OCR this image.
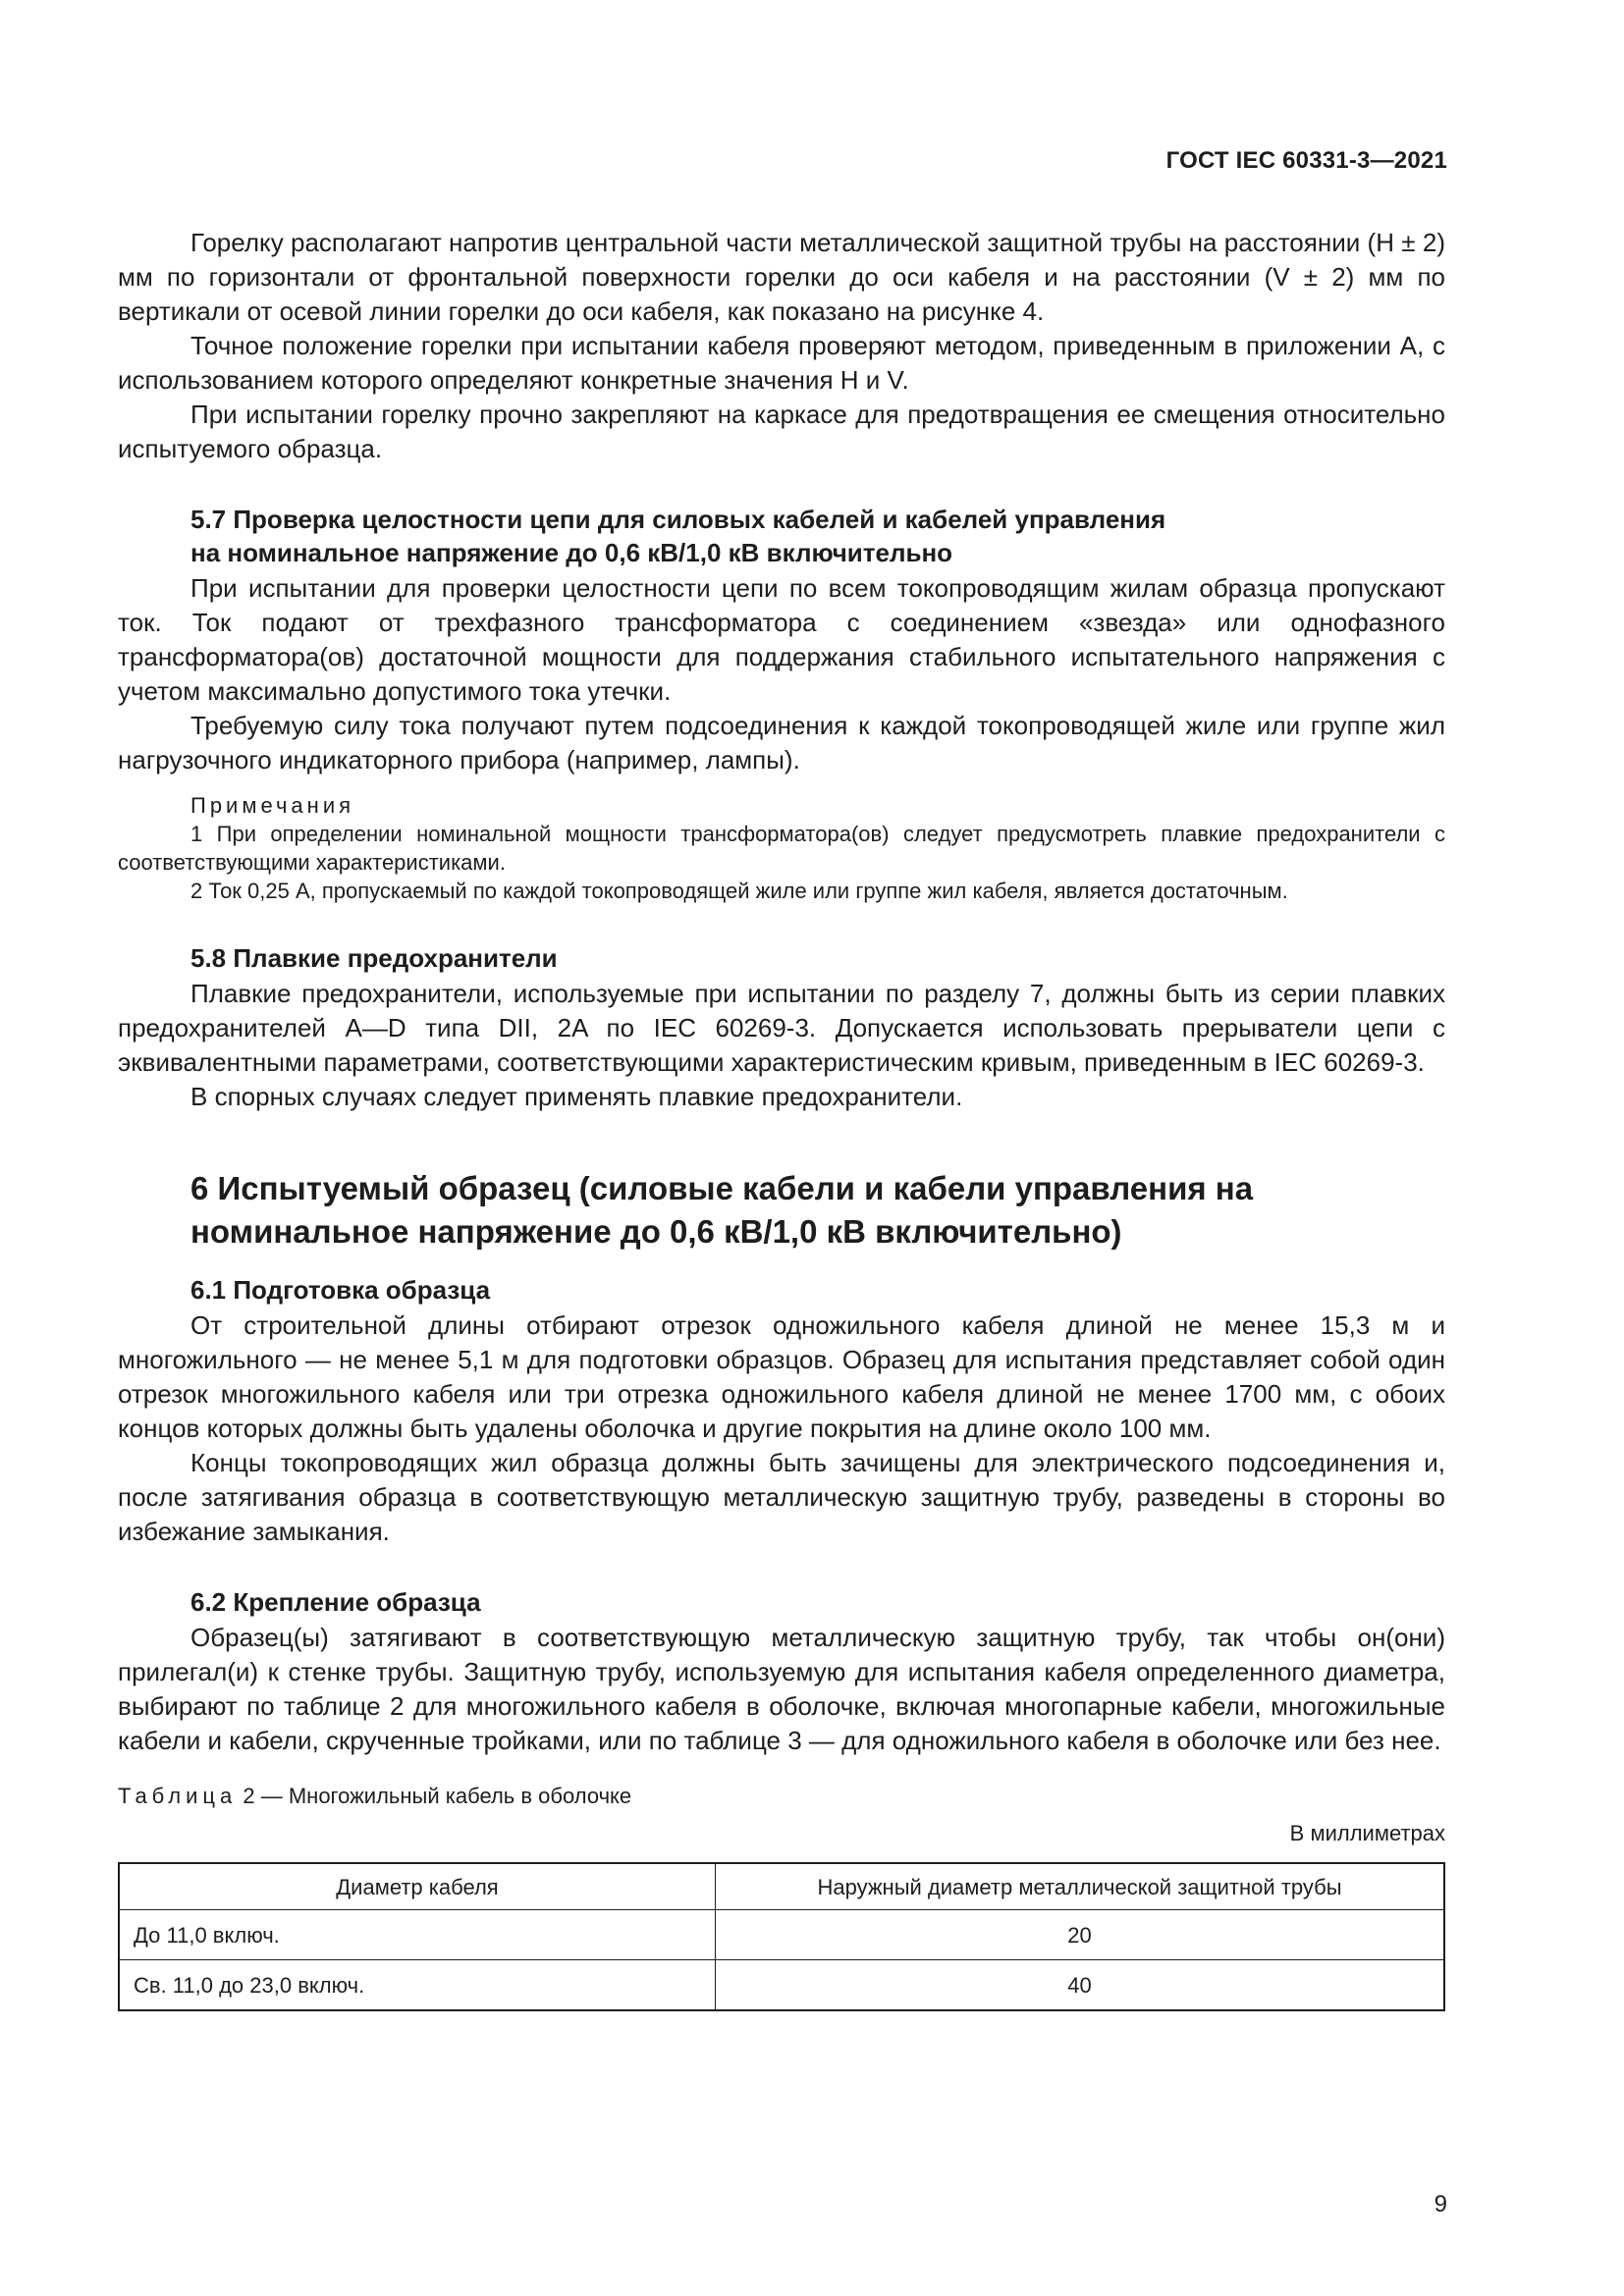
ГОСТ IEC 60331-3—2021

Горелку располагают напротив центральной части металлической защитной трубы на расстоянии (H ± 2) мм по горизонтали от фронтальной поверхности горелки до оси кабеля и на расстоянии (V ± 2) мм по вертикали от осевой линии горелки до оси кабеля, как показано на рисунке 4.

Точное положение горелки при испытании кабеля проверяют методом, приведенным в приложении А, с использованием которого определяют конкретные значения H и V.

При испытании горелку прочно закрепляют на каркасе для предотвращения ее смещения относительно испытуемого образца.

5.7 Проверка целостности цепи для силовых кабелей и кабелей управления
на номинальное напряжение до 0,6 кВ/1,0 кВ включительно

При испытании для проверки целостности цепи по всем токопроводящим жилам образца пропускают ток. Ток подают от трехфазного трансформатора с соединением «звезда» или однофазного трансформатора(ов) достаточной мощности для поддержания стабильного испытательного напряжения с учетом максимально допустимого тока утечки.

Требуемую силу тока получают путем подсоединения к каждой токопроводящей жиле или группе жил нагрузочного индикаторного прибора (например, лампы).

Примечания

1 При определении номинальной мощности трансформатора(ов) следует предусмотреть плавкие предохранители с соответствующими характеристиками.

2 Ток 0,25 А, пропускаемый по каждой токопроводящей жиле или группе жил кабеля, является достаточным.

5.8 Плавкие предохранители

Плавкие предохранители, используемые при испытании по разделу 7, должны быть из серии плавких предохранителей A—D типа DII, 2A по IEC 60269-3. Допускается использовать прерыватели цепи с эквивалентными параметрами, соответствующими характеристическим кривым, приведенным в IEC 60269-3.

В спорных случаях следует применять плавкие предохранители.

6 Испытуемый образец (силовые кабели и кабели управления на
номинальное напряжение до 0,6 кВ/1,0 кВ включительно)
6.1 Подготовка образца

От строительной длины отбирают отрезок одножильного кабеля длиной не менее 15,3 м и многожильного — не менее 5,1 м для подготовки образцов. Образец для испытания представляет собой один отрезок многожильного кабеля или три отрезка одножильного кабеля длиной не менее 1700 мм, с обоих концов которых должны быть удалены оболочка и другие покрытия на длине около 100 мм.

Концы токопроводящих жил образца должны быть зачищены для электрического подсоединения и, после затягивания образца в соответствующую металлическую защитную трубу, разведены в стороны во избежание замыкания.

6.2 Крепление образца

Образец(ы) затягивают в соответствующую металлическую защитную трубу, так чтобы он(они) прилегал(и) к стенке трубы. Защитную трубу, используемую для испытания кабеля определенного диаметра, выбирают по таблице 2 для многожильного кабеля в оболочке, включая многопарные кабели, многожильные кабели и кабели, скрученные тройками, или по таблице 3 — для одножильного кабеля в оболочке или без нее.

Таблица 2 — Многожильный кабель в оболочке
В миллиметрах
Диаметр кабеля	Наружный диаметр металлической защитной трубы
До 11,0 включ.	20
Св. 11,0 до 23,0 включ.	40
9
